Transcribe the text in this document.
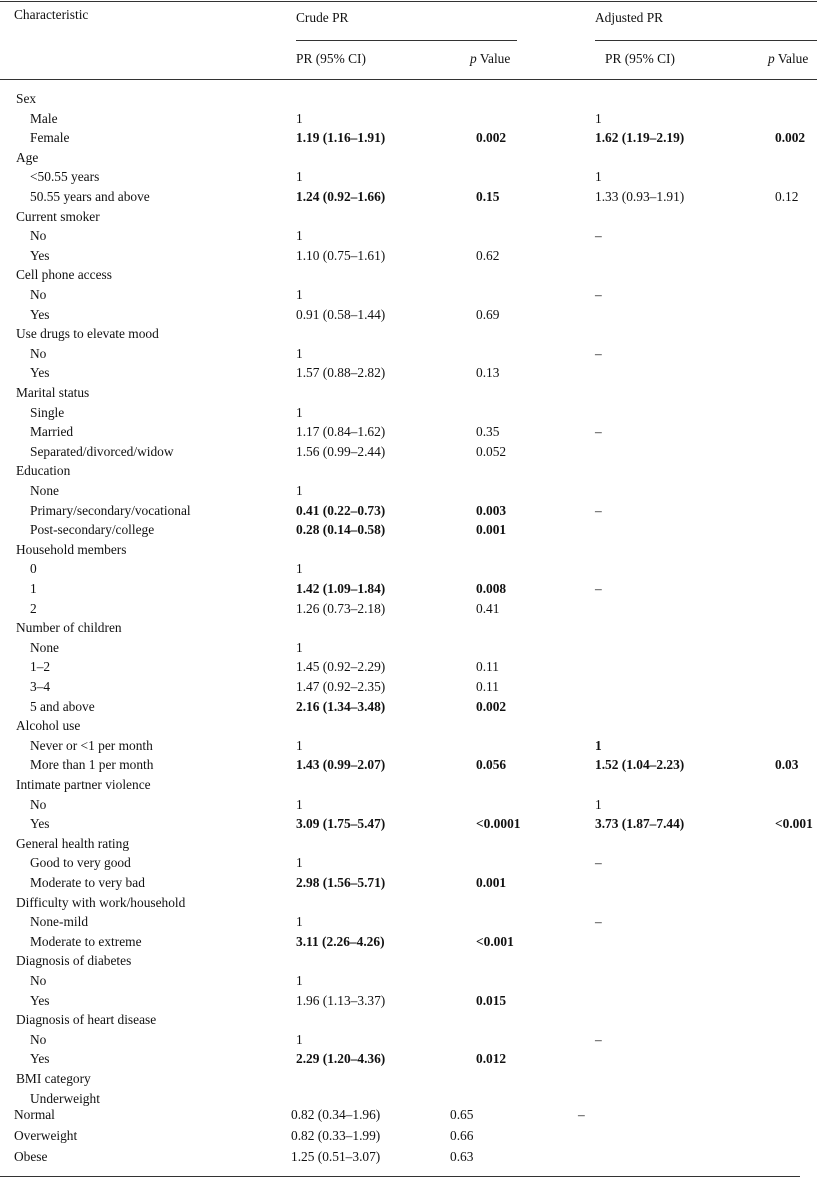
Characteristic	Crude PR	Adjusted PR
PR (95% CI)	p Value	PR (95% CI)	p Value
Sex
Male	1	1
Female	1.19 (1.16–1.91)	0.002	1.62 (1.19–2.19)	0.002
Age
<50.55 years	1	1
50.55 years and above	1.24 (0.92–1.66)	0.15	1.33 (0.93–1.91)	0.12
Current smoker
No	1	–
Yes	1.10 (0.75–1.61)	0.62
Cell phone access
No	1	–
Yes	0.91 (0.58–1.44)	0.69
Use drugs to elevate mood
No	1	–
Yes	1.57 (0.88–2.82)	0.13
Marital status
Single	1
Married	1.17 (0.84–1.62)	0.35	–
Separated/divorced/widow	1.56 (0.99–2.44)	0.052
Education
None	1
Primary/secondary/vocational	0.41 (0.22–0.73)	0.003	–
Post-secondary/college	0.28 (0.14–0.58)	0.001
Household members
0	1
1	1.42 (1.09–1.84)	0.008	–
2	1.26 (0.73–2.18)	0.41
Number of children
None	1
1–2	1.45 (0.92–2.29)	0.11
3–4	1.47 (0.92–2.35)	0.11
5 and above	2.16 (1.34–3.48)	0.002
Alcohol use
Never or <1 per month	1	1
More than 1 per month	1.43 (0.99–2.07)	0.056	1.52 (1.04–2.23)	0.03
Intimate partner violence
No	1	1
Yes	3.09 (1.75–5.47)	<0.0001	3.73 (1.87–7.44)	<0.001
General health rating
Good to very good	1	–
Moderate to very bad	2.98 (1.56–5.71)	0.001
Difficulty with work/household
None-mild	1	–
Moderate to extreme	3.11 (2.26–4.26)	<0.001
Diagnosis of diabetes
No	1
Yes	1.96 (1.13–3.37)	0.015
Diagnosis of heart disease
No	1	–
Yes	2.29 (1.20–4.36)	0.012
BMI category
Underweight
Normal	0.82 (0.34–1.96)	0.65	–
Overweight	0.82 (0.33–1.99)	0.66
Obese	1.25 (0.51–3.07)	0.63
